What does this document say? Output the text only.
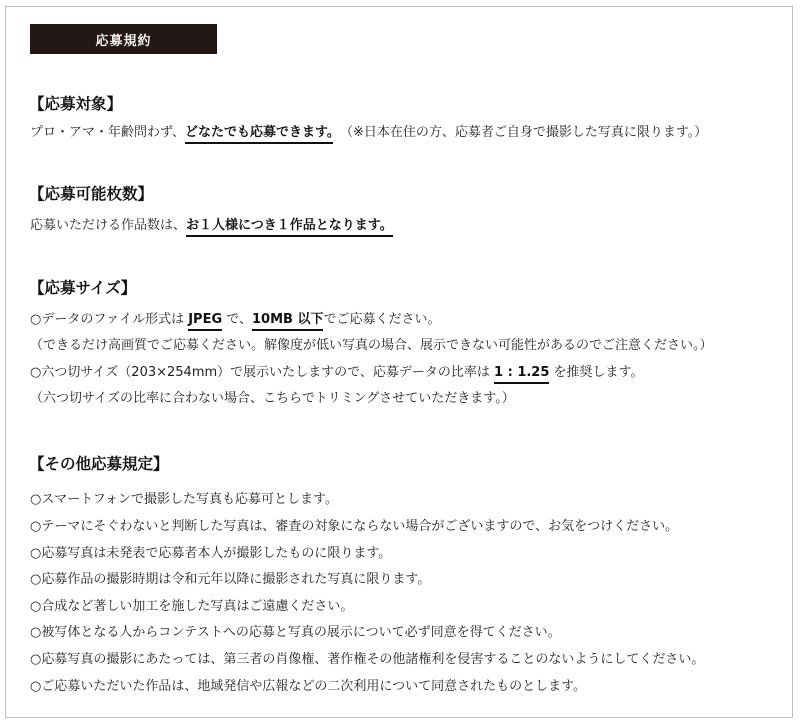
応募規約
【応募対象】
プロ・アマ・年齢問わず、どなたでも応募できます。　（※日本在住の方、応募者ご自身で撮影した写真に限ります。）
【応募可能枚数】
応募いただける作品数は、お１人様につき１作品となります。
【応募サイズ】
○データのファイル形式は JPEG で、10MB 以下でご応募ください。
（できるだけ高画質でご応募ください。解像度が低い写真の場合、展示できない可能性があるのでご注意ください。）
○六つ切サイズ（203×254mm）で展示いたしますので、応募データの比率は 1 : 1.25 を推奨します。
（六つ切サイズの比率に合わない場合、こちらでトリミングさせていただきます。）
【その他応募規定】
○スマートフォンで撮影した写真も応募可とします。
○テーマにそぐわないと判断した写真は、審査の対象にならない場合がございますので、お気をつけください。
○応募写真は未発表で応募者本人が撮影したものに限ります。
○応募作品の撮影時期は令和元年以降に撮影された写真に限ります。
○合成など著しい加工を施した写真はご遠慮ください。
○被写体となる人からコンテストへの応募と写真の展示について必ず同意を得てください。
○応募写真の撮影にあたっては、第三者の肖像権、著作権その他諸権利を侵害することのないようにしてください。
○ご応募いただいた作品は、地域発信や広報などの二次利用について同意されたものとします。
